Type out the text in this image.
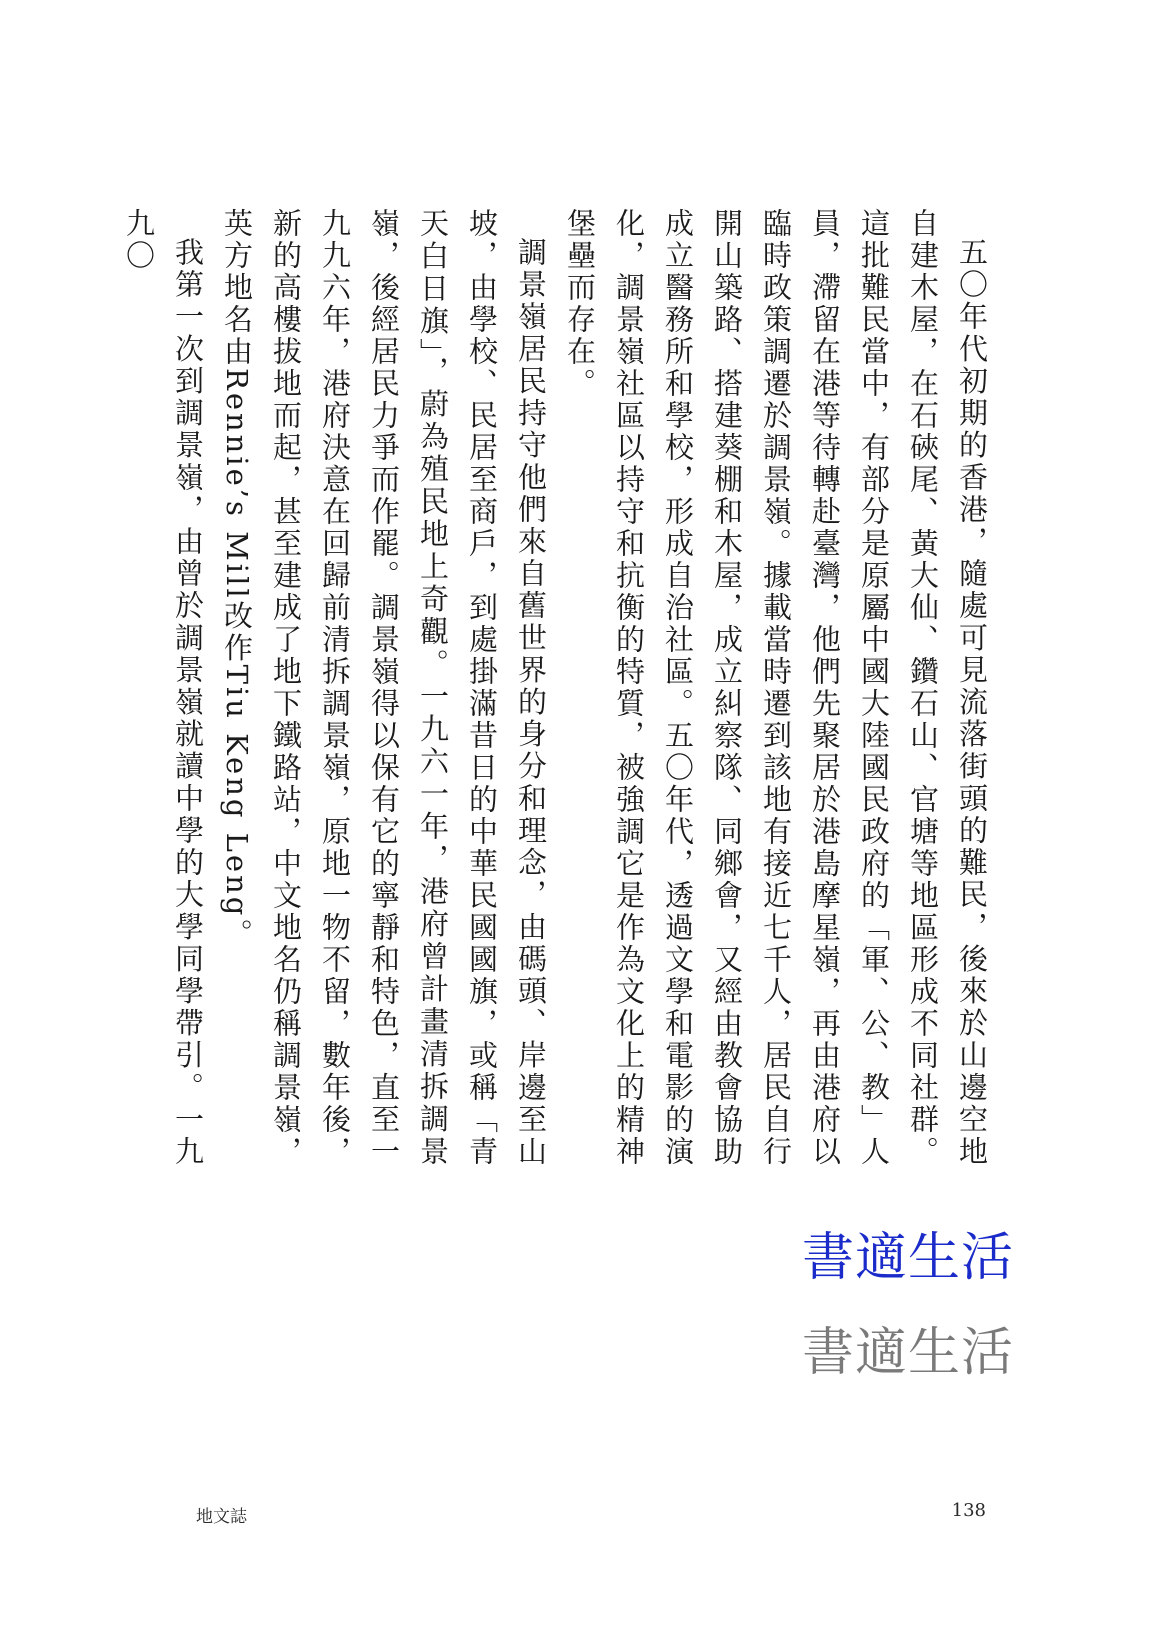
五〇年代初期的香港，隨處可見流落街頭的難民，後來於山邊空地自建木屋，在石硤尾、黃大仙、鑽石山、官塘等地區形成不同社群。這批難民當中，有部分是原屬中國大陸國民政府的「軍、公、教」人員，滯留在港等待轉赴臺灣，他們先聚居於港島摩星嶺，再由港府以臨時政策調遷於調景嶺。據載當時遷到該地有接近七千人，居民自行開山築路、搭建葵棚和木屋，成立糾察隊、同鄉會，又經由教會協助成立醫務所和學校，形成自治社區。五〇年代，透過文學和電影的演化，調景嶺社區以持守和抗衡的特質，被強調它是作為文化上的精神堡壘而存在。

調景嶺居民持守他們來自舊世界的身分和理念，由碼頭、岸邊至山坡，由學校、民居至商戶，到處掛滿昔日的中華民國國旗，或稱「青天白日旗」，蔚為殖民地上奇觀。一九六一年，港府曾計畫清拆調景嶺，後經居民力爭而作罷。調景嶺得以保有它的寧靜和特色，直至一九九六年，港府決意在回歸前清拆調景嶺，原地一物不留，數年後，新的高樓拔地而起，甚至建成了地下鐵路站，中文地名仍稱調景嶺，英方地名由Rennie’s Mill改作Tiu Keng Leng。

我第一次到調景嶺，由曾於調景嶺就讀中學的大學同學帶引。一九九〇

書適生活
書適生活
地文誌	138
